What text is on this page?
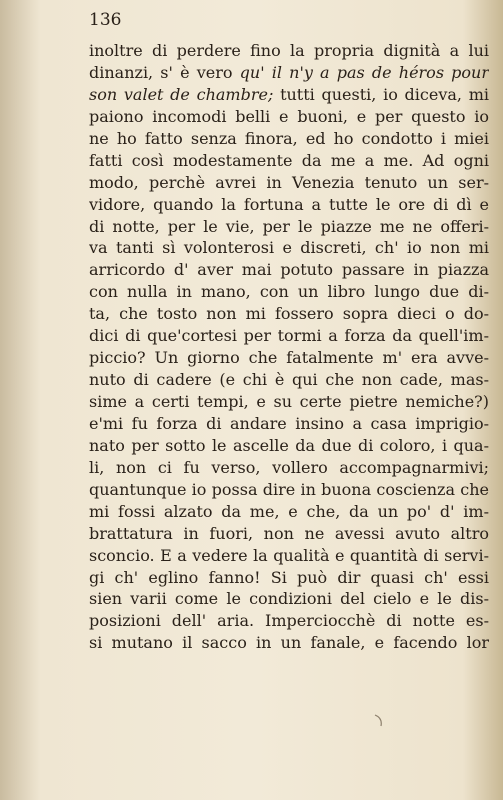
136
inoltre di perdere fino la propria dignità a lui
dinanzi, s' è vero qu' il n'y a pas de héros pour
son valet de chambre; tutti questi, io diceva, mi
paiono incomodi belli e buoni, e per questo io
ne ho fatto senza finora, ed ho condotto i miei
fatti così modestamente da me a me. Ad ogni
modo, perchè avrei in Venezia tenuto un ser-
vidore, quando la fortuna a tutte le ore di dì e
di notte, per le vie, per le piazze me ne offeri-
va tanti sì volonterosi e discreti, ch' io non mi
arricordo d' aver mai potuto passare in piazza
con nulla in mano, con un libro lungo due di-
ta, che tosto non mi fossero sopra dieci o do-
dici di que'cortesi per tormi a forza da quell'im-
piccio? Un giorno che fatalmente m' era avve-
nuto di cadere (e chi è qui che non cade, mas-
sime a certi tempi, e su certe pietre nemiche?)
e'mi fu forza di andare insino a casa imprigio-
nato per sotto le ascelle da due di coloro, i qua-
li, non ci fu verso, vollero accompagnarmivi;
quantunque io possa dire in buona coscienza che
mi fossi alzato da me, e che, da un po' d' im-
brattatura in fuori, non ne avessi avuto altro
sconcio. E a vedere la qualità e quantità di servi-
gi ch' eglino fanno! Si può dir quasi ch' essi
sien varii come le condizioni del cielo e le dis-
posizioni dell' aria. Imperciocchè di notte es-
si mutano il sacco in un fanale, e facendo lor
